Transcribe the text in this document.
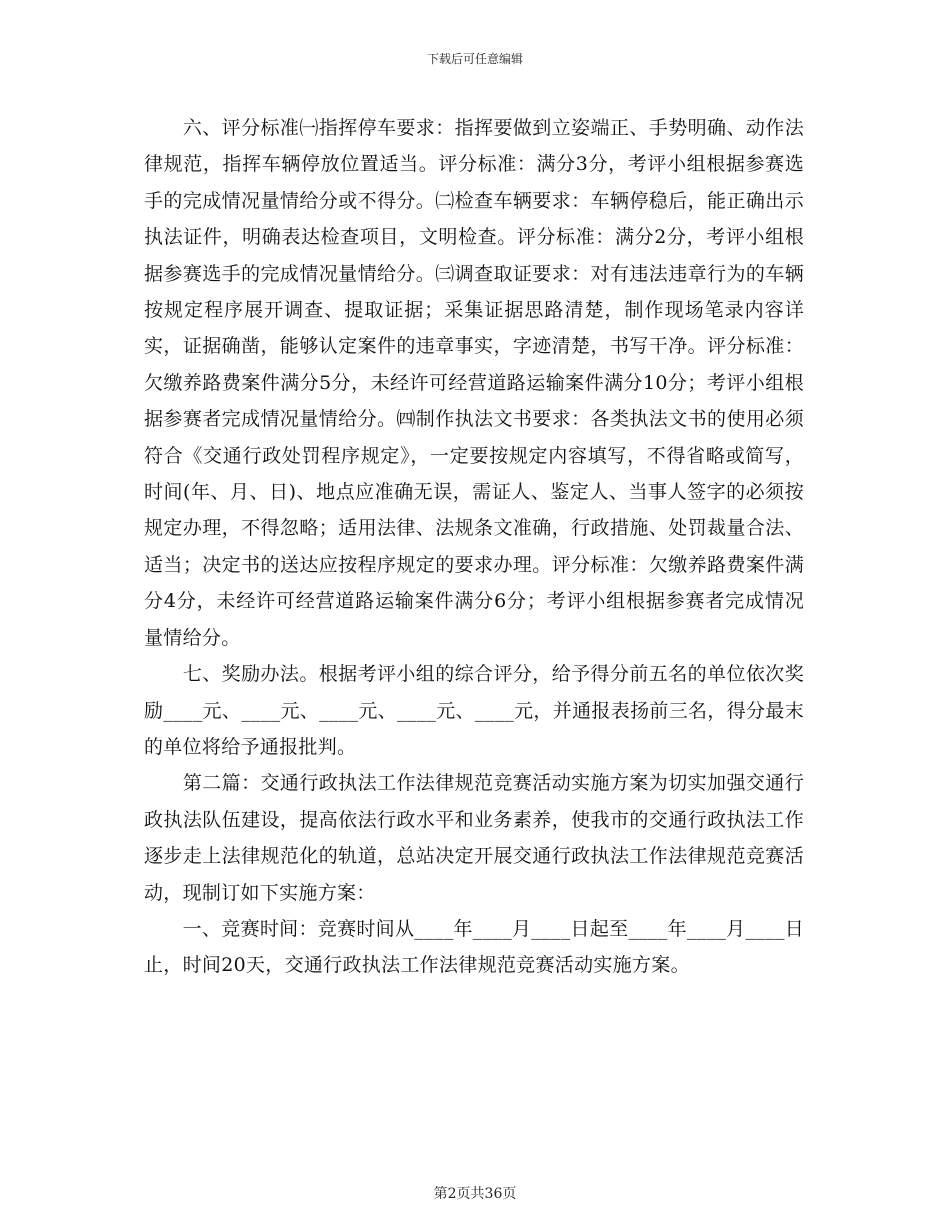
下载后可任意编辑

　　六、评分标准㈠指挥停车要求：指挥要做到立姿端正、手势明确、动作法律规范，指挥车辆停放位置适当。评分标准：满分3分，考评小组根据参赛选手的完成情况量情给分或不得分。㈡检查车辆要求：车辆停稳后，能正确出示执法证件，明确表达检查项目，文明检查。评分标准：满分2分，考评小组根据参赛选手的完成情况量情给分。㈢调查取证要求：对有违法违章行为的车辆按规定程序展开调查、提取证据；采集证据思路清楚，制作现场笔录内容详实，证据确凿，能够认定案件的违章事实，字迹清楚，书写干净。评分标准：欠缴养路费案件满分5分，未经许可经营道路运输案件满分10分；考评小组根据参赛者完成情况量情给分。㈣制作执法文书要求：各类执法文书的使用必须符合《交通行政处罚程序规定》，一定要按规定内容填写，不得省略或简写，时间(年、月、日)、地点应准确无误，需证人、鉴定人、当事人签字的必须按规定办理，不得忽略；适用法律、法规条文准确，行政措施、处罚裁量合法、适当；决定书的送达应按程序规定的要求办理。评分标准：欠缴养路费案件满分4分，未经许可经营道路运输案件满分6分；考评小组根据参赛者完成情况量情给分。

　　七、奖励办法。根据考评小组的综合评分，给予得分前五名的单位依次奖励____元、____元、____元、____元、____元，并通报表扬前三名，得分最末的单位将给予通报批判。

　　第二篇：交通行政执法工作法律规范竞赛活动实施方案为切实加强交通行政执法队伍建设，提高依法行政水平和业务素养，使我市的交通行政执法工作逐步走上法律规范化的轨道，总站决定开展交通行政执法工作法律规范竞赛活动，现制订如下实施方案：

　　一、竞赛时间：竞赛时间从____年____月____日起至____年____月____日止，时间20天，交通行政执法工作法律规范竞赛活动实施方案。

第2页共36页
